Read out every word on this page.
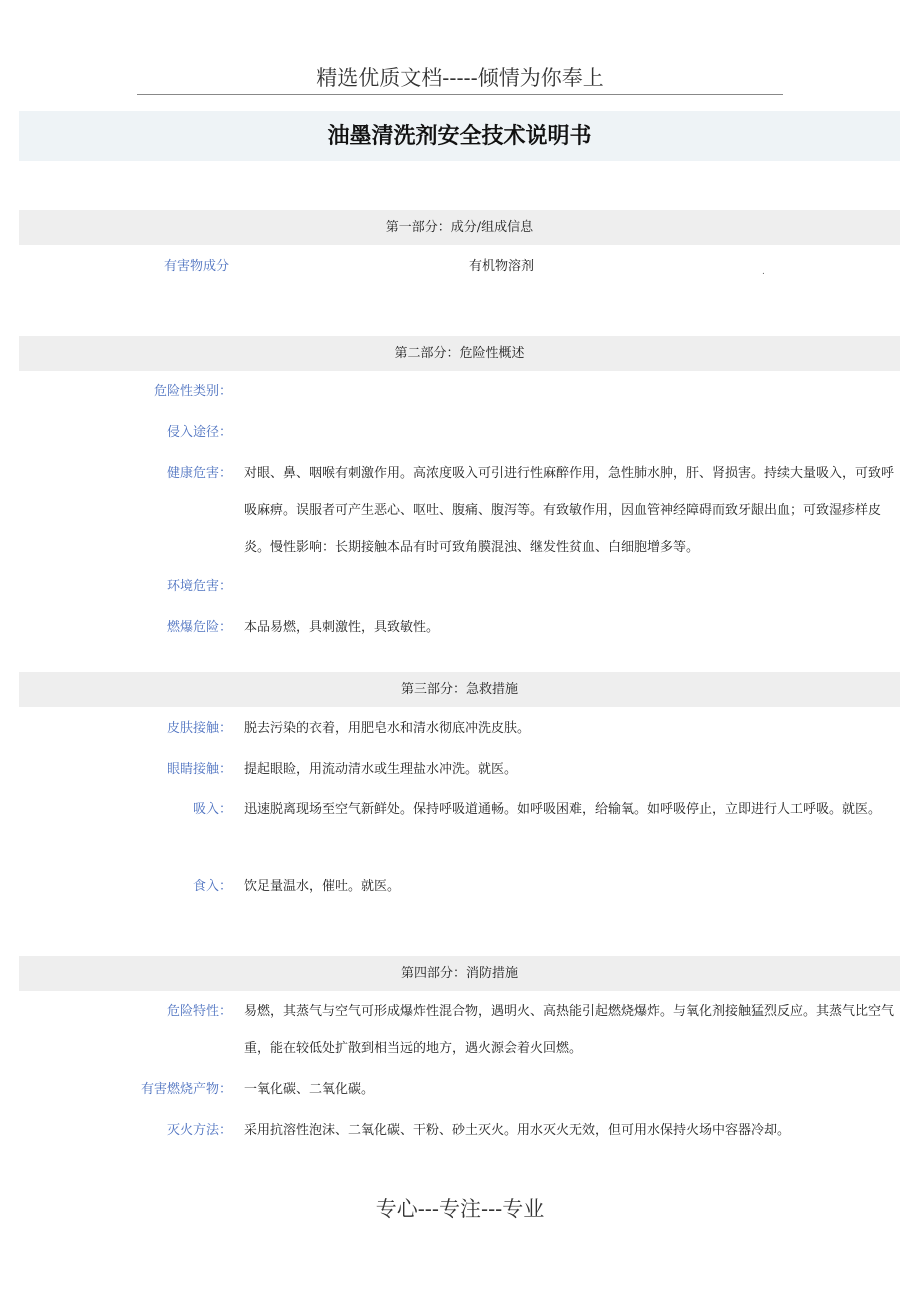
精选优质文档-----倾情为你奉上
油墨清洗剂安全技术说明书
第一部分：成分/组成信息
有害物成分	有机物溶剂	.
第二部分：危险性概述
危险性类别：
侵入途径：
健康危害： 对眼、鼻、咽喉有刺激作用。高浓度吸入可引进行性麻醉作用，急性肺水肿，肝、肾损害。持续大量吸入，可致呼吸麻痹。误服者可产生恶心、呕吐、腹痛、腹泻等。有致敏作用，因血管神经障碍而致牙龈出血；可致湿疹样皮炎。慢性影响：长期接触本品有时可致角膜混浊、继发性贫血、白细胞增多等。
环境危害：
燃爆危险： 本品易燃，具刺激性，具致敏性。
第三部分：急救措施
皮肤接触： 脱去污染的衣着，用肥皂水和清水彻底冲洗皮肤。
眼睛接触： 提起眼睑，用流动清水或生理盐水冲洗。就医。
吸入： 迅速脱离现场至空气新鲜处。保持呼吸道通畅。如呼吸困难，给输氧。如呼吸停止，立即进行人工呼吸。就医。
食入： 饮足量温水，催吐。就医。
第四部分：消防措施
危险特性： 易燃，其蒸气与空气可形成爆炸性混合物，遇明火、高热能引起燃烧爆炸。与氧化剂接触猛烈反应。其蒸气比空气重，能在较低处扩散到相当远的地方，遇火源会着火回燃。
有害燃烧产物： 一氧化碳、二氧化碳。
灭火方法： 采用抗溶性泡沫、二氧化碳、干粉、砂土灭火。用水灭火无效，但可用水保持火场中容器冷却。
专心---专注---专业
